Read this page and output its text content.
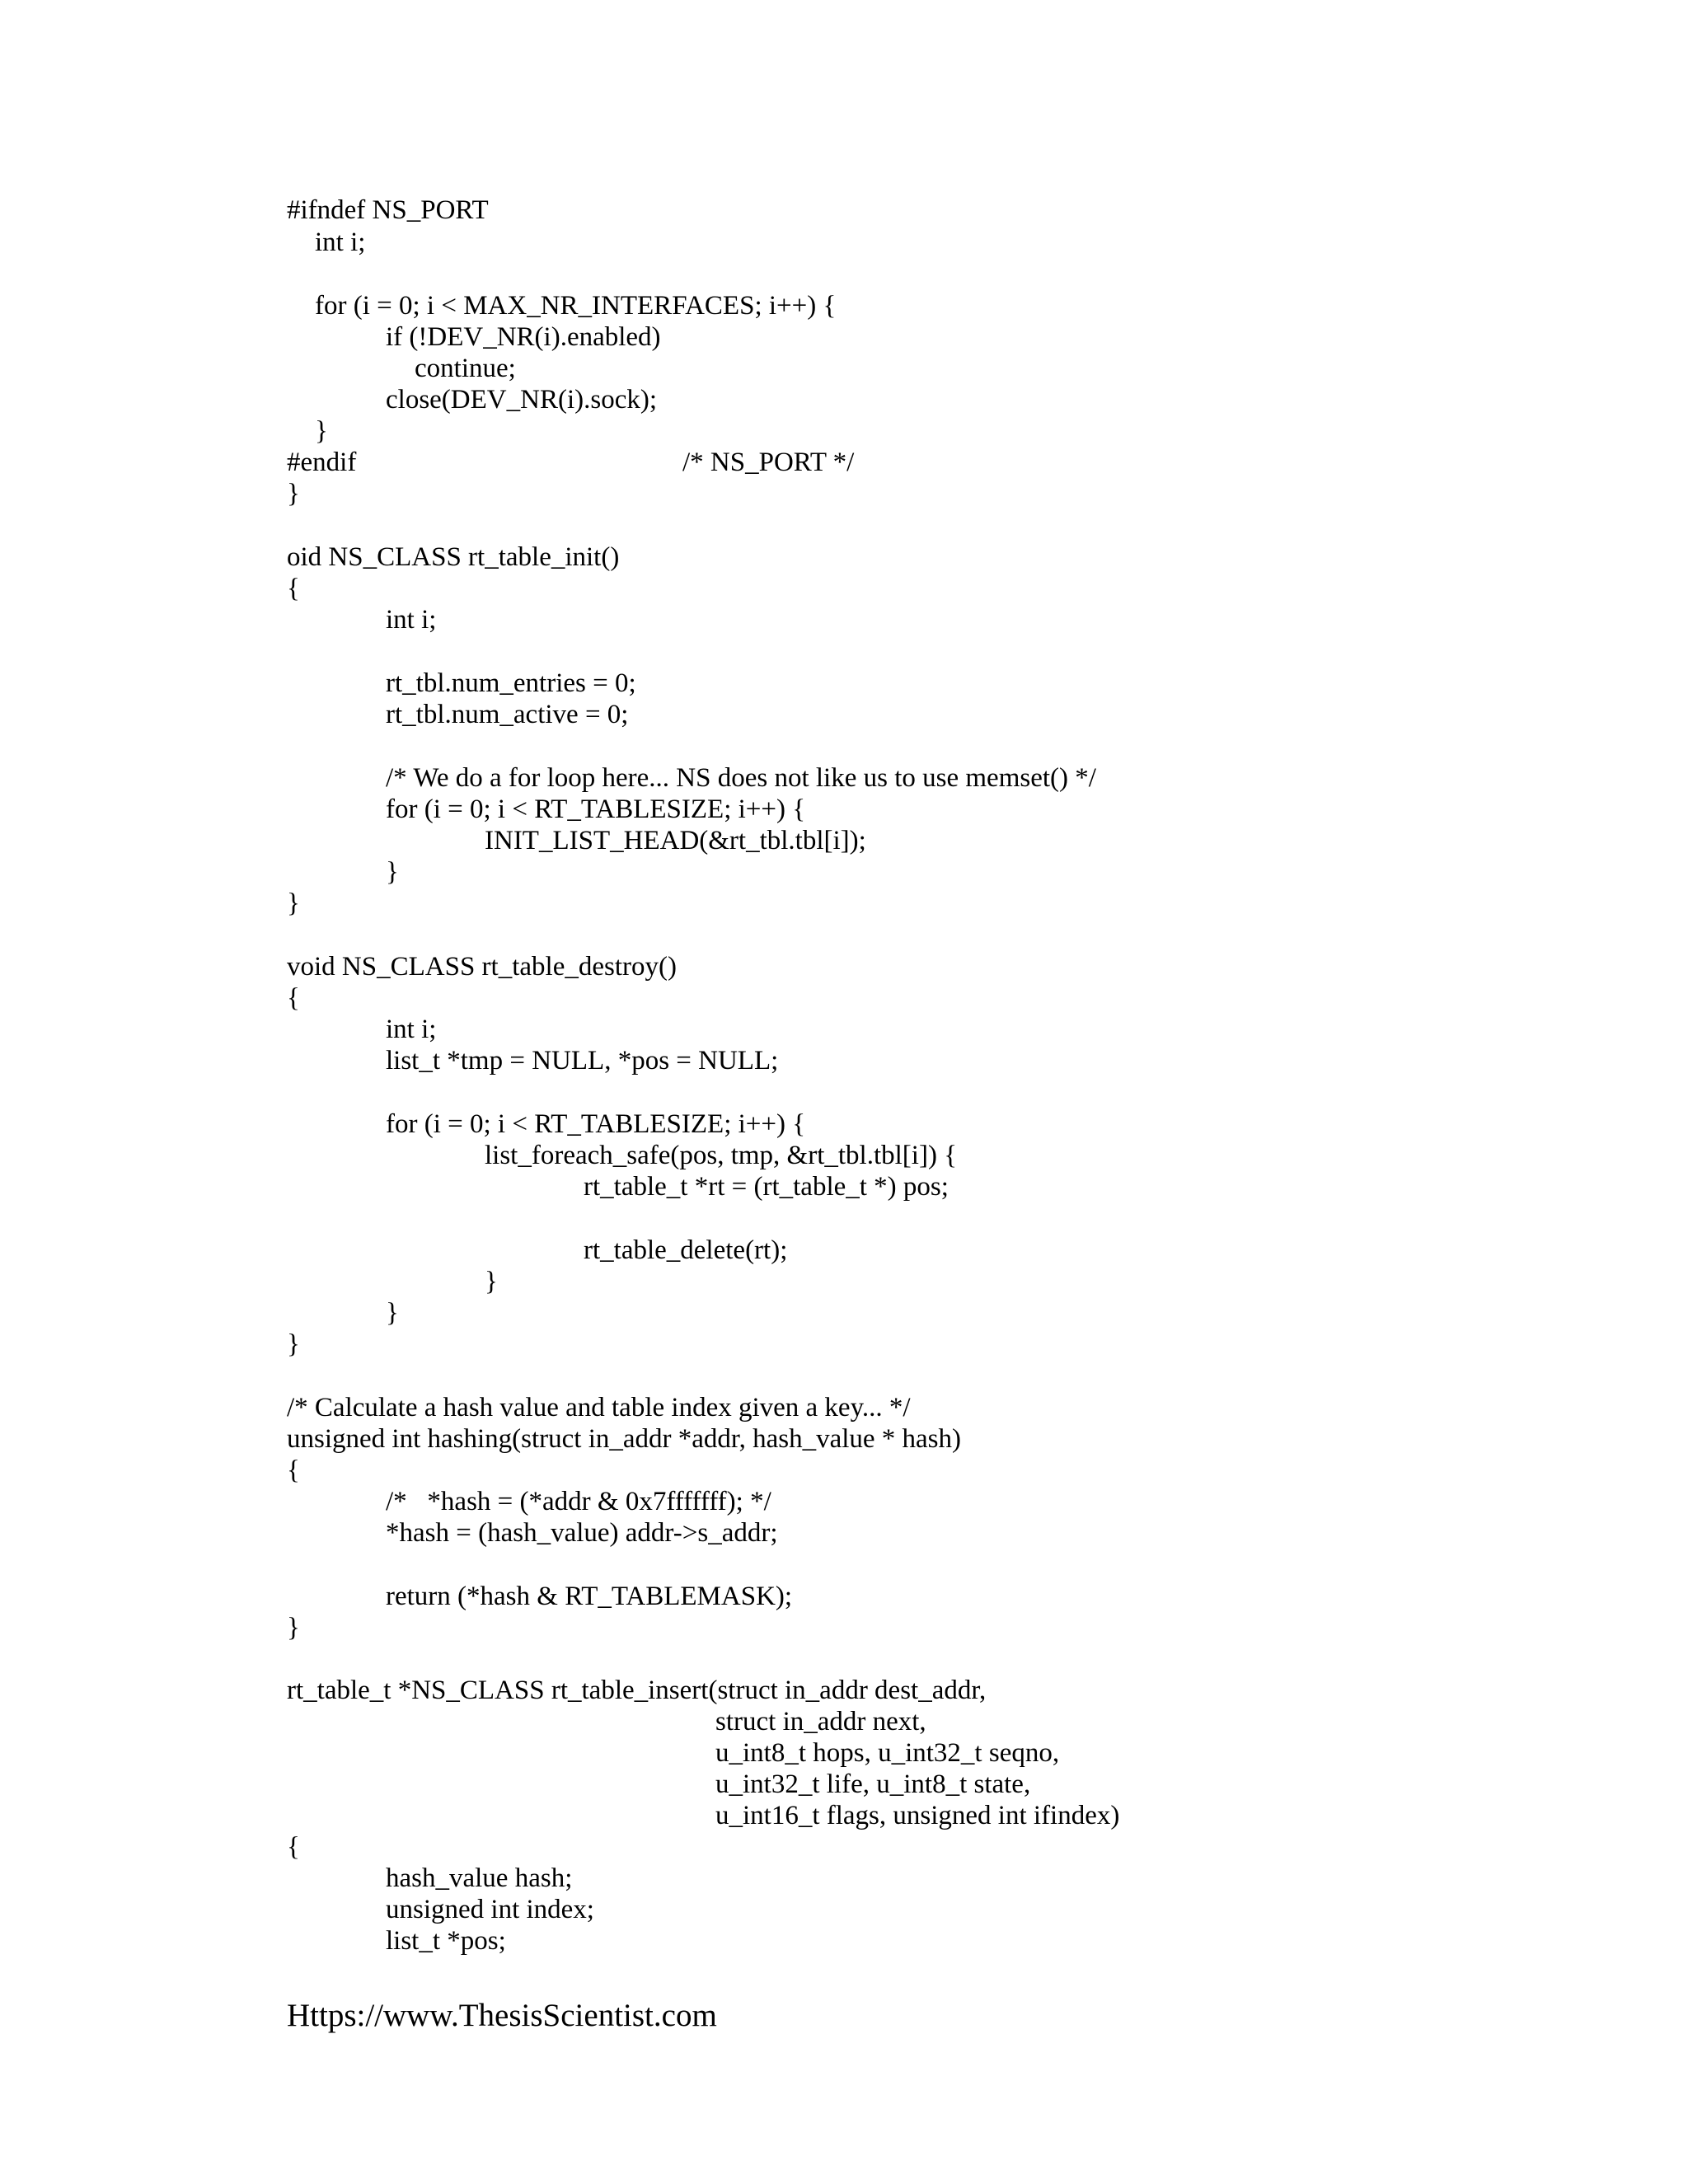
#ifndef NS_PORT
int i;
for (i = 0; i < MAX_NR_INTERFACES; i++) {
if (!DEV_NR(i).enabled)
continue;
close(DEV_NR(i).sock);
}
#endif	/* NS_PORT */
}
oid NS_CLASS rt_table_init()
{
int i;
rt_tbl.num_entries = 0;
rt_tbl.num_active = 0;
/* We do a for loop here... NS does not like us to use memset() */
for (i = 0; i < RT_TABLESIZE; i++) {
INIT_LIST_HEAD(&rt_tbl.tbl[i]);
}
}
void NS_CLASS rt_table_destroy()
{
int i;
list_t *tmp = NULL, *pos = NULL;
for (i = 0; i < RT_TABLESIZE; i++) {
list_foreach_safe(pos, tmp, &rt_tbl.tbl[i]) {
rt_table_t *rt = (rt_table_t *) pos;
rt_table_delete(rt);
}
}
}
/* Calculate a hash value and table index given a key... */
unsigned int hashing(struct in_addr *addr, hash_value * hash)
{
/*   *hash = (*addr & 0x7fffffff); */
*hash = (hash_value) addr->s_addr;
return (*hash & RT_TABLEMASK);
}
rt_table_t *NS_CLASS rt_table_insert(struct in_addr dest_addr,
struct in_addr next,
u_int8_t hops, u_int32_t seqno,
u_int32_t life, u_int8_t state,
u_int16_t flags, unsigned int ifindex)
{
hash_value hash;
unsigned int index;
list_t *pos;
Https://www.ThesisScientist.com
